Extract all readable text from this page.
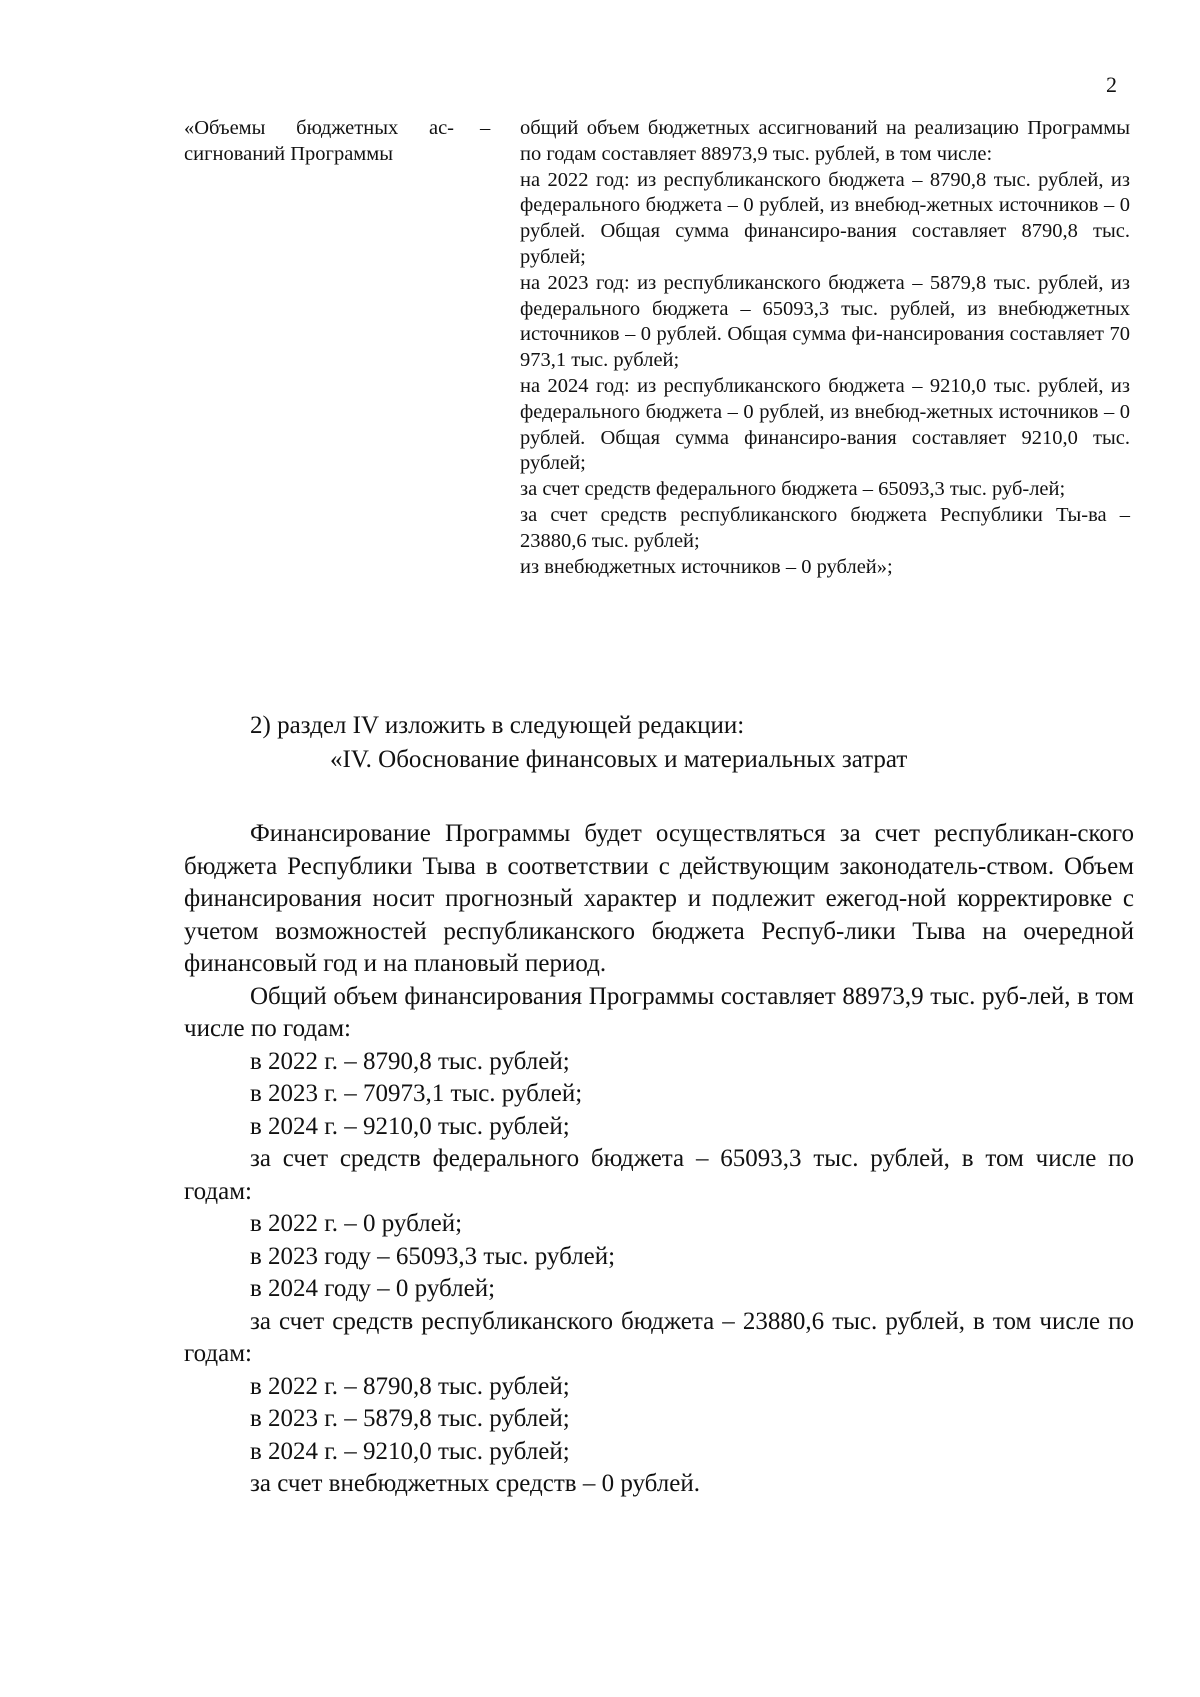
2
«Объемы бюджетных ас-сигнований Программы
– общий объем бюджетных ассигнований на реализацию Программы по годам составляет 88973,9 тыс. рублей, в том числе:

на 2022 год: из республиканского бюджета – 8790,8 тыс. рублей, из федерального бюджета – 0 рублей, из внебюд-жетных источников – 0 рублей. Общая сумма финансиро-вания составляет 8790,8 тыс. рублей;

на 2023 год: из республиканского бюджета – 5879,8 тыс. рублей, из федерального бюджета – 65093,3 тыс. рублей, из внебюджетных источников – 0 рублей. Общая сумма фи-нансирования составляет 70 973,1 тыс. рублей;

на 2024 год: из республиканского бюджета – 9210,0 тыс. рублей, из федерального бюджета – 0 рублей, из внебюд-жетных источников – 0 рублей. Общая сумма финансиро-вания составляет 9210,0 тыс. рублей;

за счет средств федерального бюджета – 65093,3 тыс. руб-лей;

за счет средств республиканского бюджета Республики Ты-ва – 23880,6 тыс. рублей;

из внебюджетных источников – 0 рублей»;

2) раздел IV изложить в следующей редакции:

«IV. Обоснование финансовых и материальных затрат

Финансирование Программы будет осуществляться за счет республикан-ского бюджета Республики Тыва в соответствии с действующим законодатель-ством. Объем финансирования носит прогнозный характер и подлежит ежегод-ной корректировке с учетом возможностей республиканского бюджета Респуб-лики Тыва на очередной финансовый год и на плановый период.

Общий объем финансирования Программы составляет 88973,9 тыс. руб-лей, в том числе по годам:

в 2022 г. – 8790,8 тыс. рублей;

в 2023 г. – 70973,1 тыс. рублей;

в 2024 г. – 9210,0 тыс. рублей;

за счет средств федерального бюджета – 65093,3 тыс. рублей, в том числе по годам:

в 2022 г. – 0 рублей;

в 2023 году – 65093,3 тыс. рублей;

в 2024 году – 0 рублей;

за счет средств республиканского бюджета – 23880,6 тыс. рублей, в том числе по годам:

в 2022 г. – 8790,8 тыс. рублей;

в 2023 г. – 5879,8 тыс. рублей;

в 2024 г. – 9210,0 тыс. рублей;

за счет внебюджетных средств – 0 рублей.
